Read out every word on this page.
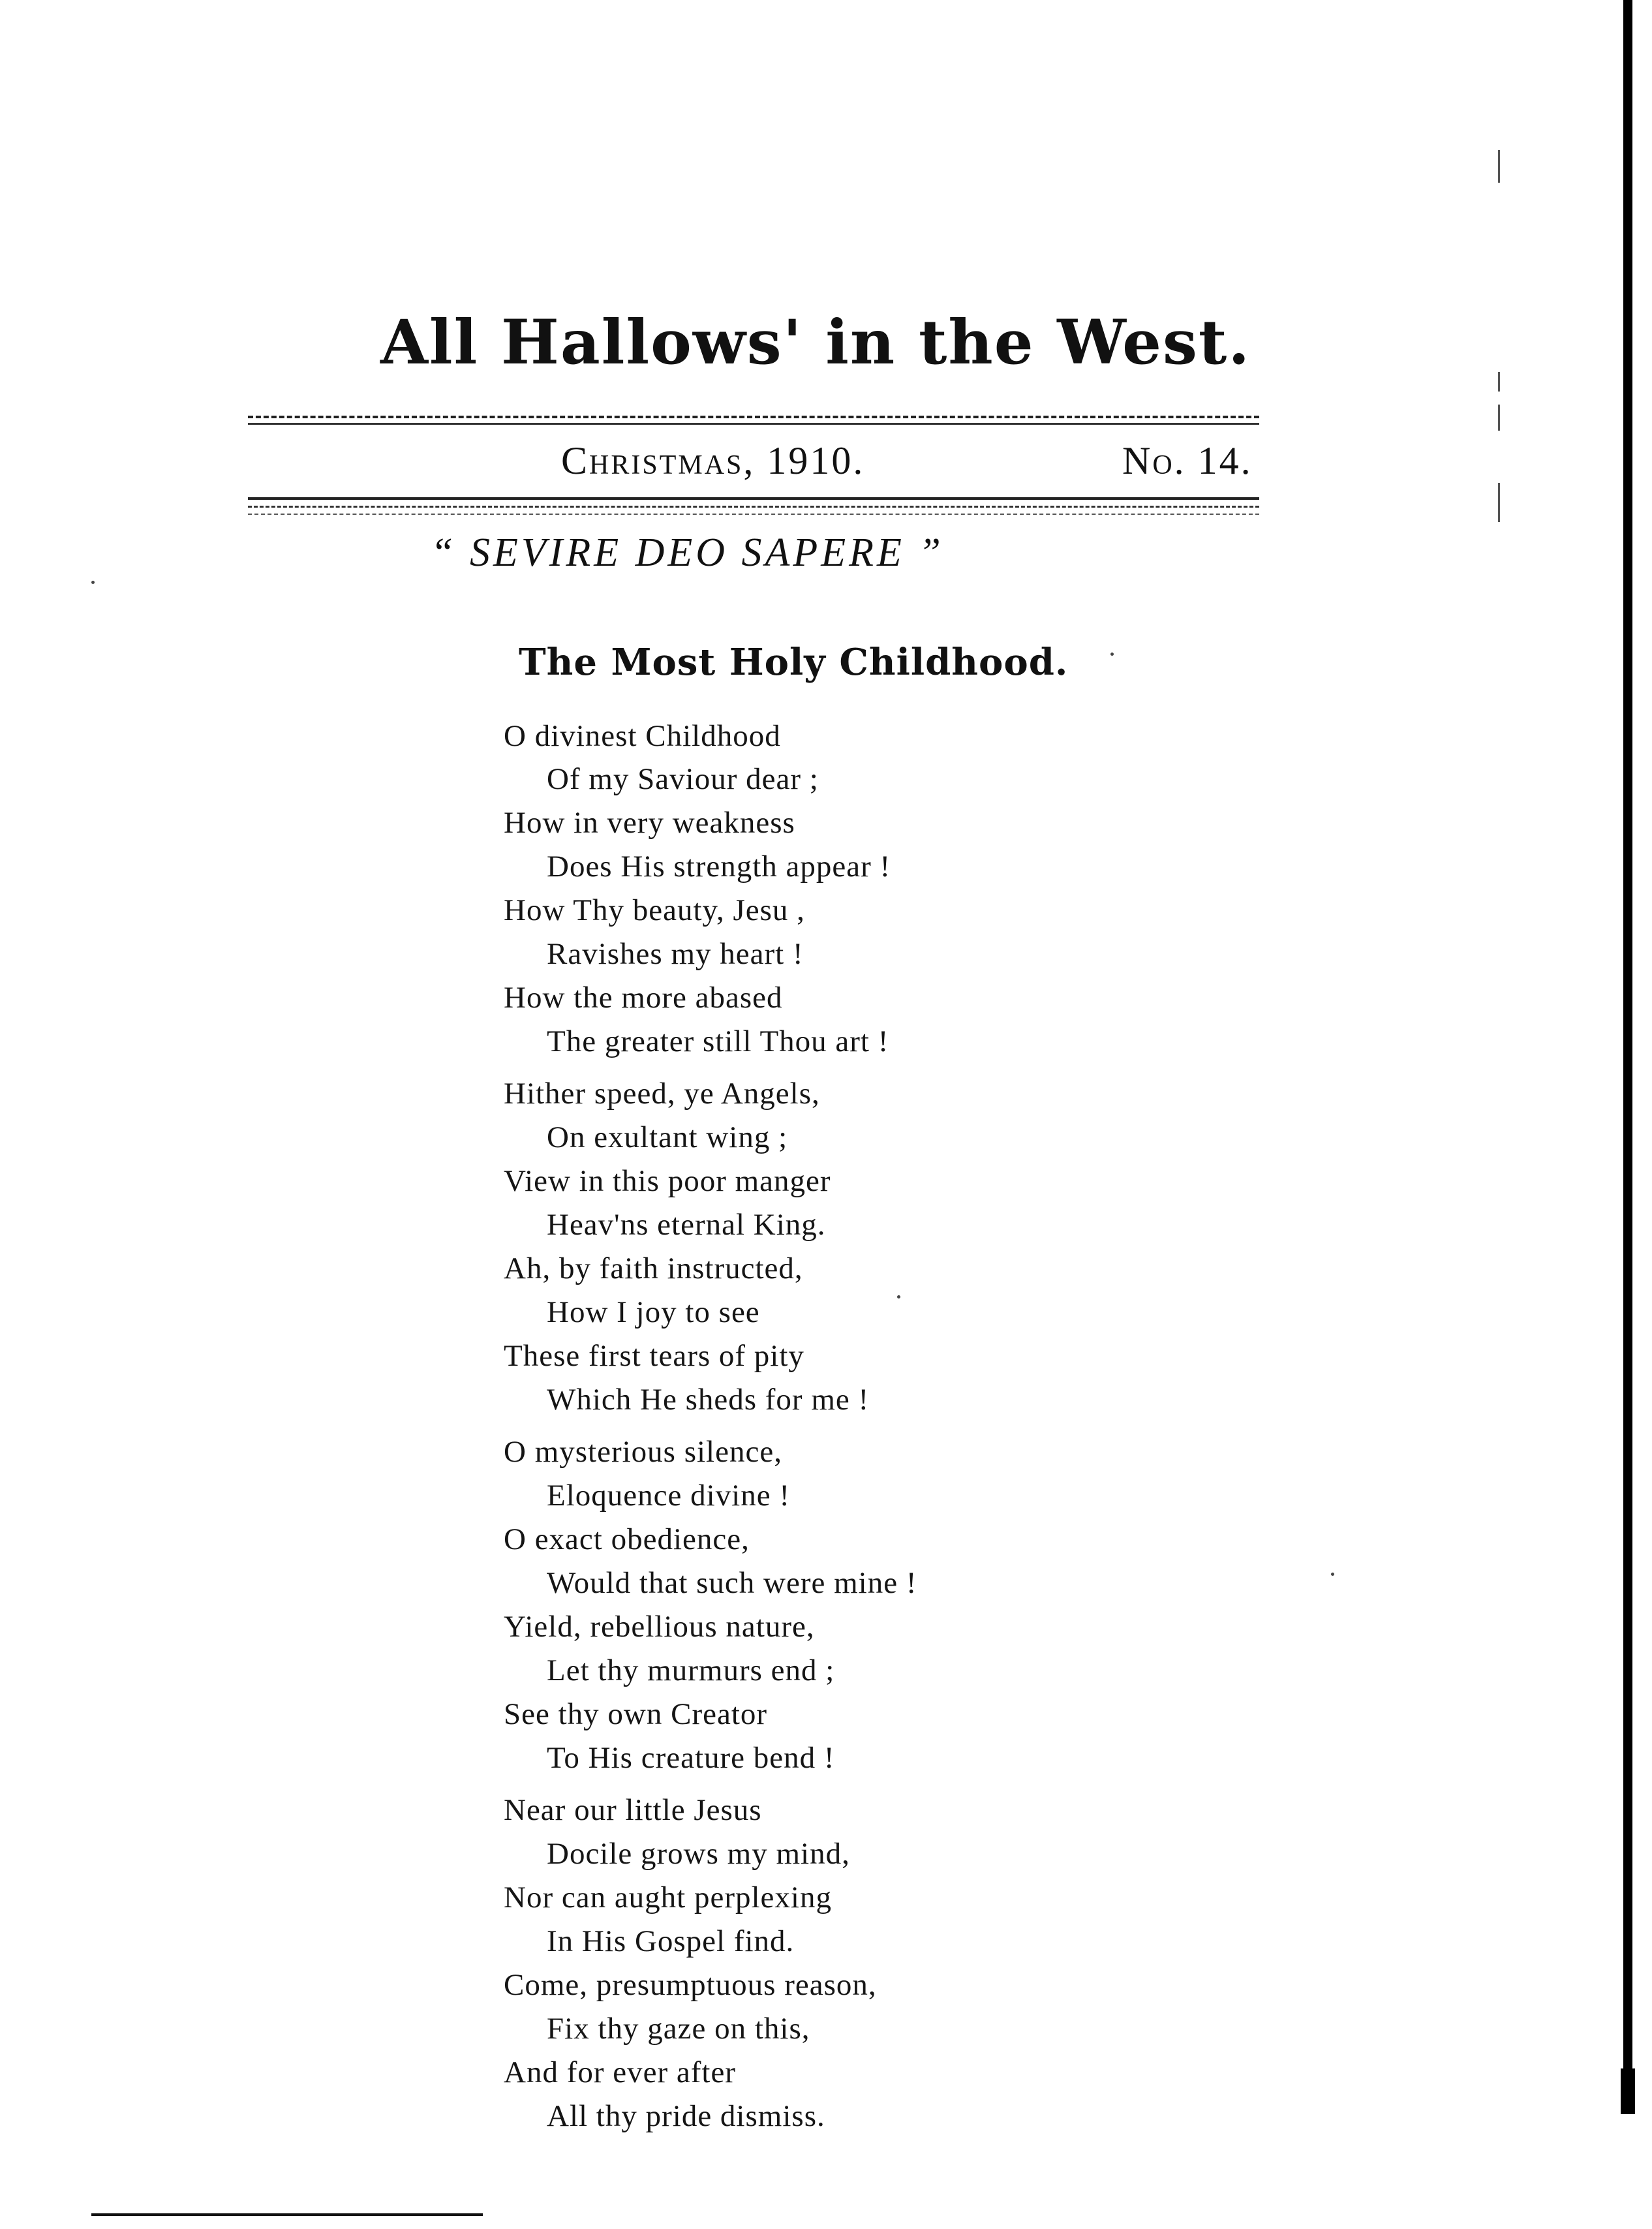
All Hallows' in the West.

Christmas, 1910.	No. 14.

“ SEVIRE DEO SAPERE ”

The Most Holy Childhood.

O divinest Childhood

Of my Saviour dear ;

How in very weakness

Does His strength appear !

How Thy beauty, Jesu ,

Ravishes my heart !

How the more abased

The greater still Thou art !

Hither speed, ye Angels,

On exultant wing ;

View in this poor manger

Heav'ns eternal King.

Ah, by faith instructed,

How I joy to see

These first tears of pity

Which He sheds for me !

O mysterious silence,

Eloquence divine !

O exact obedience,

Would that such were mine !

Yield, rebellious nature,

Let thy murmurs end ;

See thy own Creator

To His creature bend !

Near our little Jesus

Docile grows my mind,

Nor can aught perplexing

In His Gospel find.

Come, presumptuous reason,

Fix thy gaze on this,

And for ever after

All thy pride dismiss.
